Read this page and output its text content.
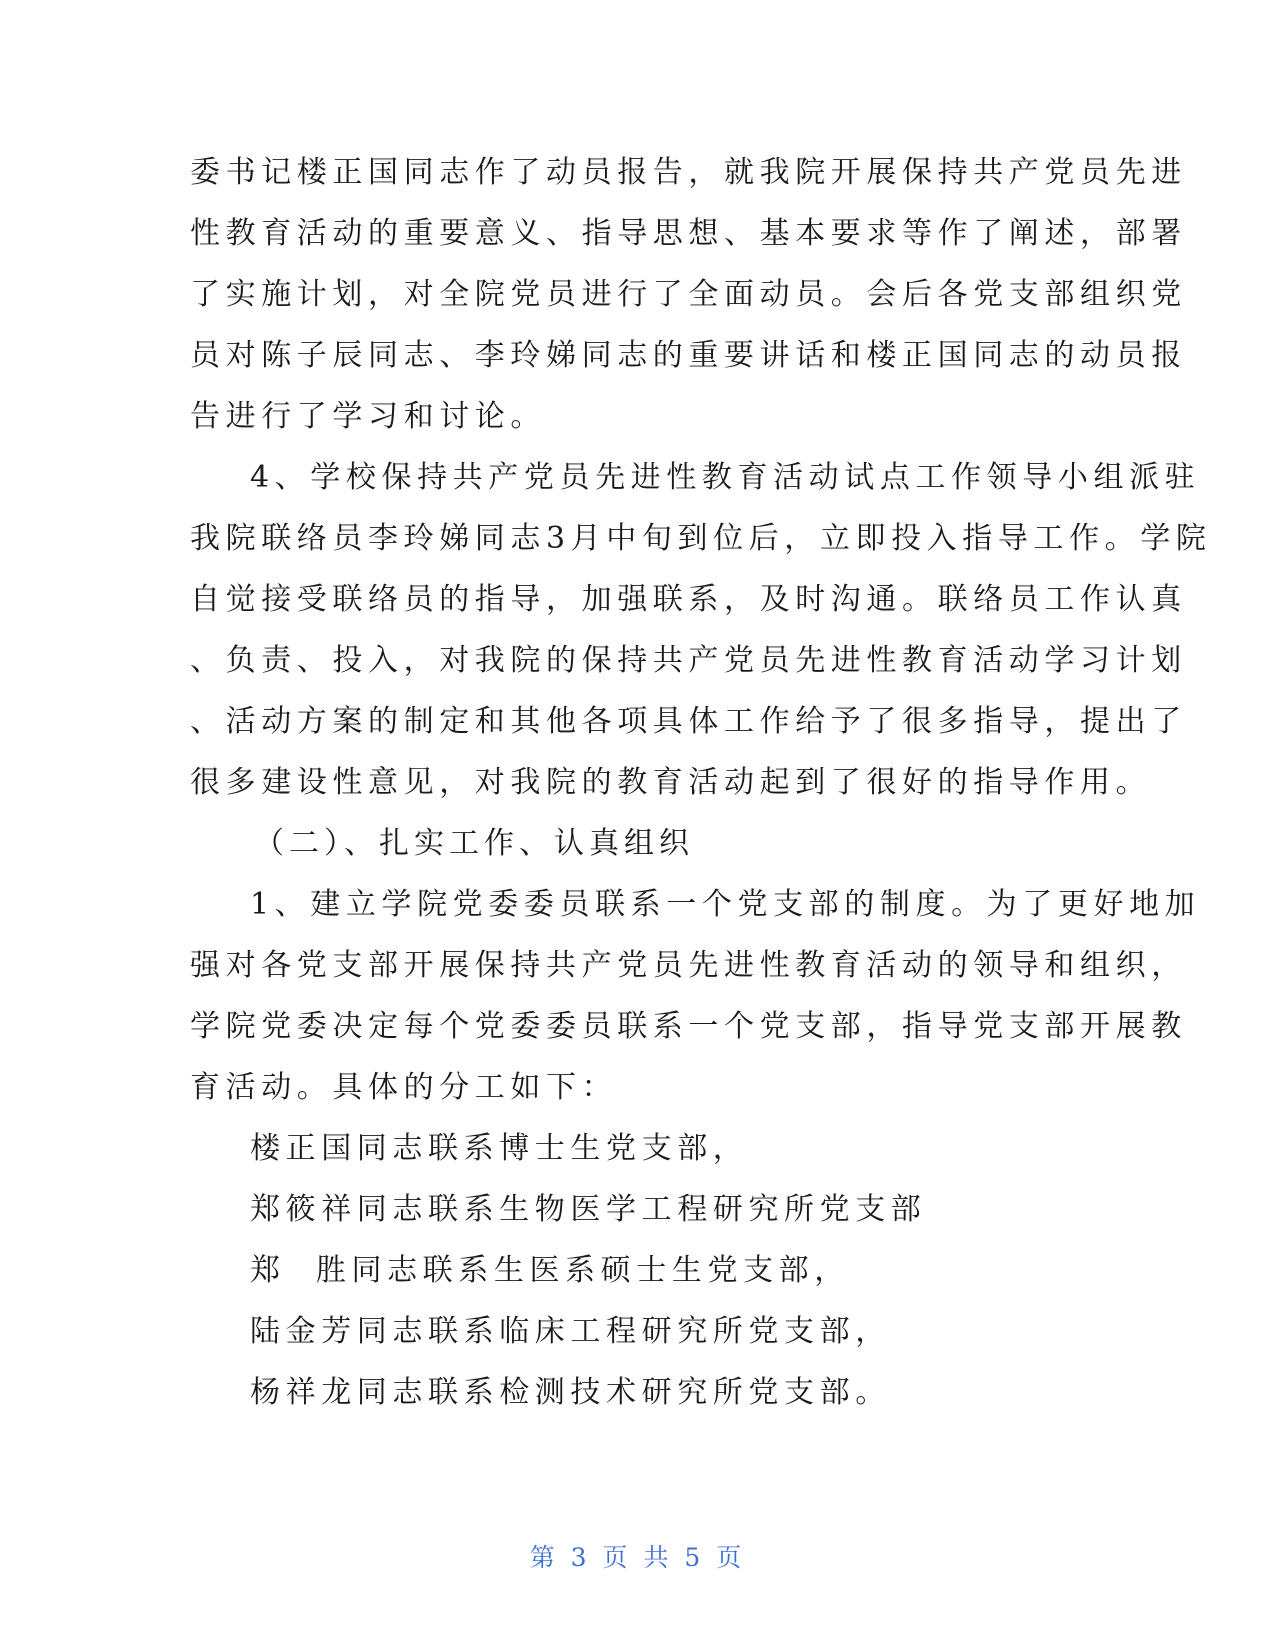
委书记楼正国同志作了动员报告，就我院开展保持共产党员先进
性教育活动的重要意义、指导思想、基本要求等作了阐述，部署
了实施计划，对全院党员进行了全面动员。会后各党支部组织党
员对陈子辰同志、李玲娣同志的重要讲话和楼正国同志的动员报
告进行了学习和讨论。
4、学校保持共产党员先进性教育活动试点工作领导小组派驻
我院联络员李玲娣同志3月中旬到位后，立即投入指导工作。学院
自觉接受联络员的指导，加强联系，及时沟通。联络员工作认真
、负责、投入，对我院的保持共产党员先进性教育活动学习计划
、活动方案的制定和其他各项具体工作给予了很多指导，提出了
很多建设性意见，对我院的教育活动起到了很好的指导作用。
（二）、扎实工作、认真组织
1、建立学院党委委员联系一个党支部的制度。为了更好地加
强对各党支部开展保持共产党员先进性教育活动的领导和组织，
学院党委决定每个党委委员联系一个党支部，指导党支部开展教
育活动。具体的分工如下：
楼正国同志联系博士生党支部，
郑筱祥同志联系生物医学工程研究所党支部
郑  胜同志联系生医系硕士生党支部，
陆金芳同志联系临床工程研究所党支部，
杨祥龙同志联系检测技术研究所党支部。
第 3 页 共 5 页
